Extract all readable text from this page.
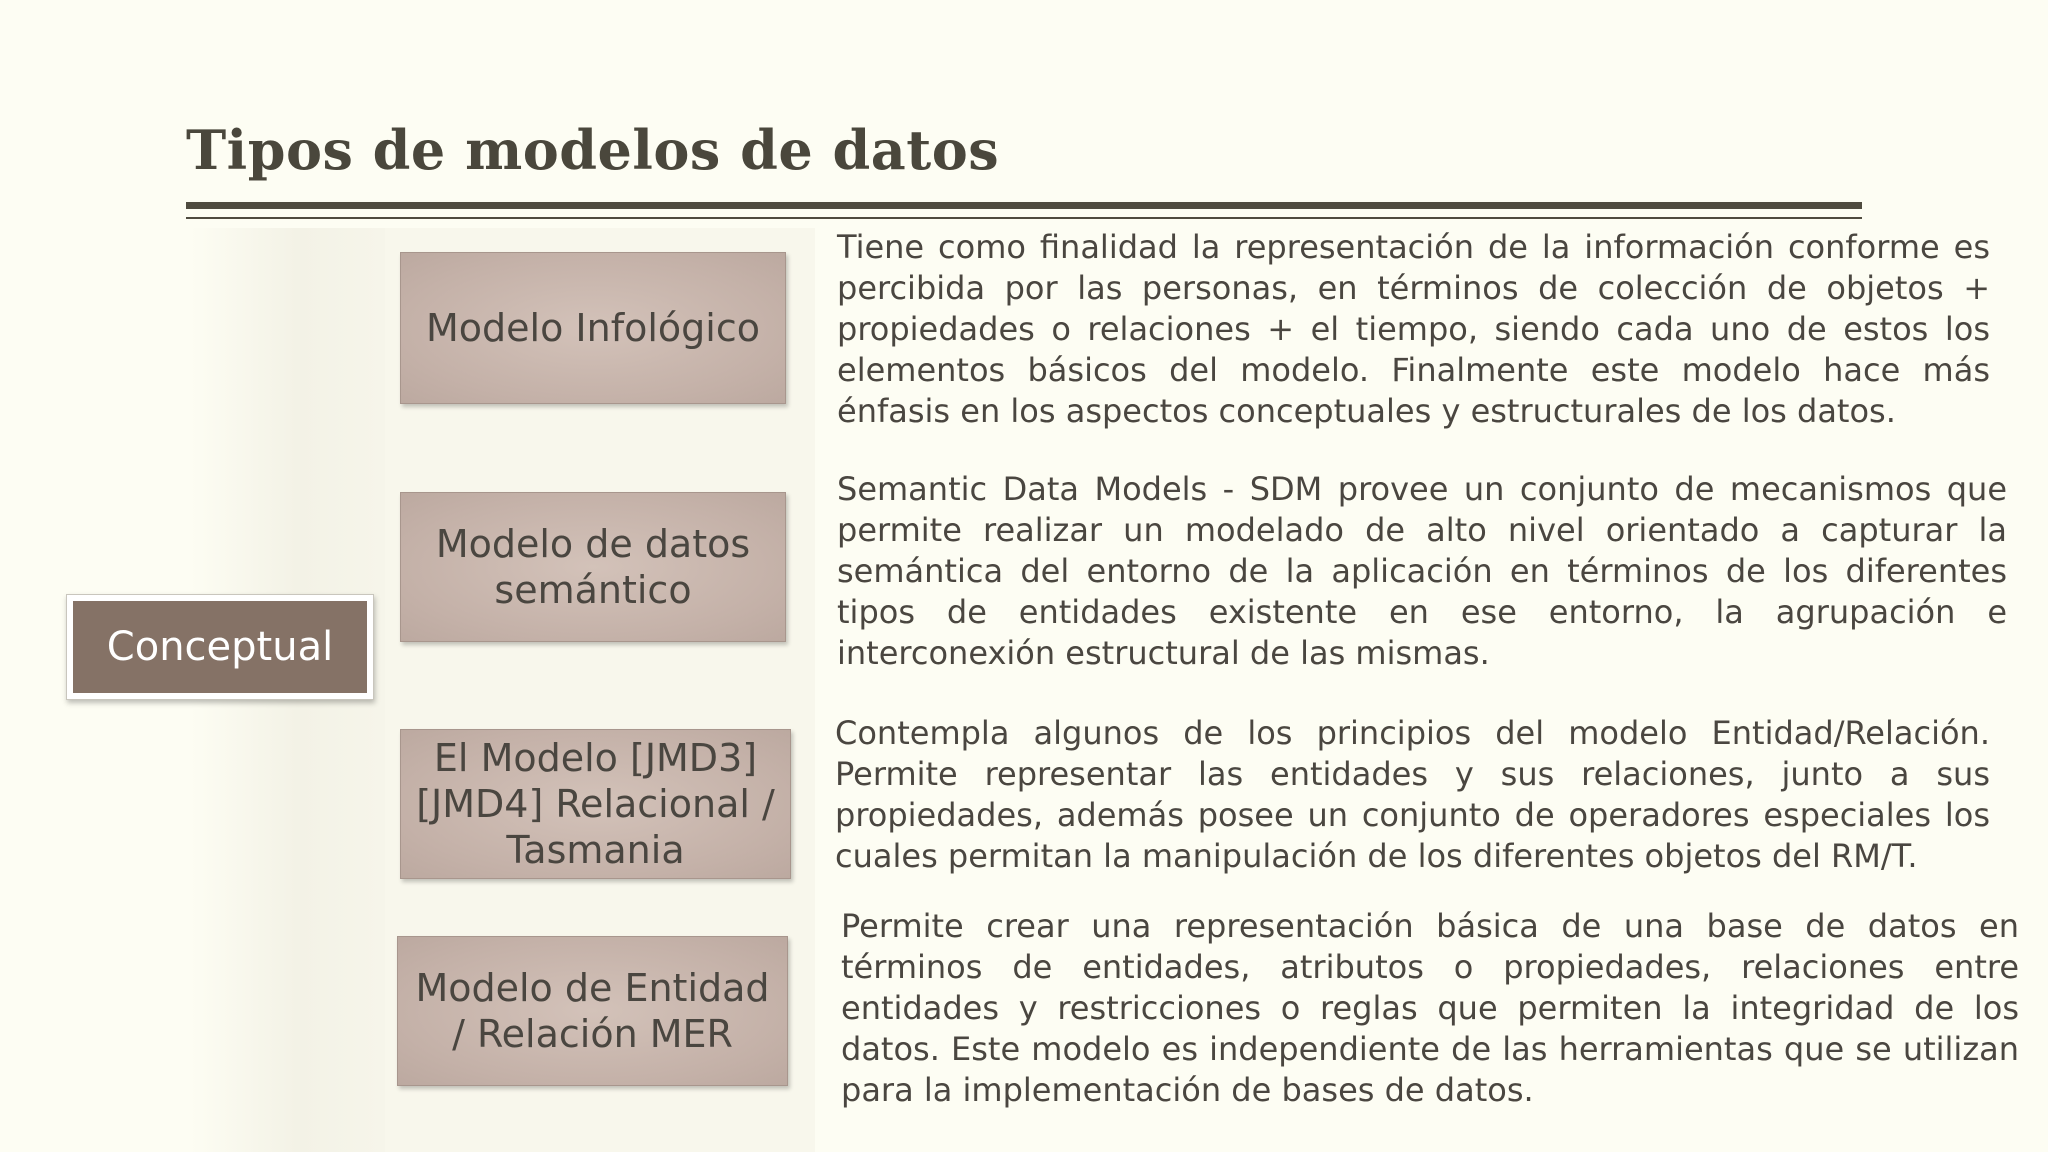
Tipos de modelos de datos
Conceptual
Modelo Infológico
Modelo de datos semántico
El Modelo [JMD3][JMD4] Relacional / Tasmania
Modelo de Entidad / Relación MER

Tiene como finalidad la representación de la información conforme es percibida por las personas, en términos de colección de objetos + propiedades o relaciones + el tiempo, siendo cada uno de estos los elementos básicos del modelo. Finalmente este modelo hace más énfasis en los aspectos conceptuales y estructurales de los datos.

Semantic Data Models - SDM provee un conjunto de mecanismos que permite realizar un modelado de alto nivel orientado a capturar la semántica del entorno de la aplicación en términos de los diferentes tipos de entidades existente en ese entorno, la agrupación e interconexión estructural de las mismas.

Contempla algunos de los principios del modelo Entidad/Relación. Permite representar las entidades y sus relaciones, junto a sus propiedades, además posee un conjunto de operadores especiales los cuales permitan la manipulación de los diferentes objetos del RM/T.

Permite crear una representación básica de una base de datos en términos de entidades, atributos o propiedades, relaciones entre entidades y restricciones o reglas que permiten la integridad de los datos. Este modelo es independiente de las herramientas que se utilizan para la implementación de bases de datos.
